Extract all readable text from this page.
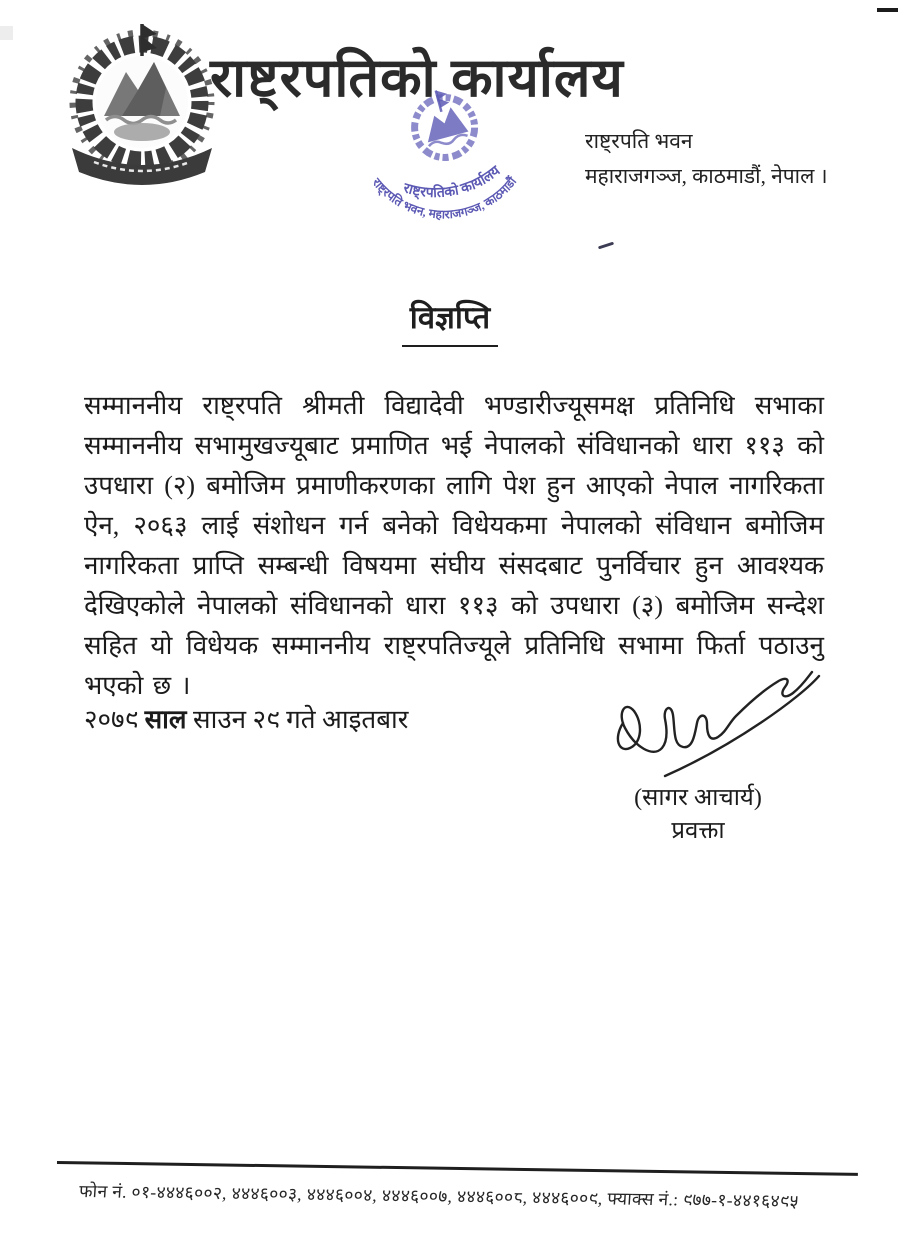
राष्ट्रपतिको कार्यालय
राष्ट्रपतिको कार्यालय
राष्ट्रपति भवन, महाराजगञ्ज, काठमाडौं
राष्ट्रपति भवन
महाराजगञ्ज, काठमाडौं, नेपाल ।
विज्ञप्ति

सम्माननीय राष्ट्रपति श्रीमती विद्यादेवी भण्डारीज्यूसमक्ष प्रतिनिधि सभाका सम्माननीय सभामुखज्यूबाट प्रमाणित भई नेपालको संविधानको धारा ११३ को उपधारा (२) बमोजिम प्रमाणीकरणका लागि पेश हुन आएको नेपाल नागरिकता ऐन, २०६३ लाई संशोधन गर्न बनेको विधेयकमा नेपालको संविधान बमोजिम नागरिकता प्राप्ति सम्बन्धी विषयमा संघीय संसदबाट पुनर्विचार हुन आवश्यक देखिएकोले नेपालको संविधानको धारा ११३ को उपधारा (३) बमोजिम सन्देश सहित यो विधेयक सम्माननीय राष्ट्रपतिज्यूले प्रतिनिधि सभामा फिर्ता पठाउनु भएको छ ।

२०७९ साल साउन २९ गते आइतबार

(सागर आचार्य)

प्रवक्ता

फोन नं. ०१-४४४६००२, ४४४६००३, ४४४६००४, ४४४६००७, ४४४६००८, ४४४६००९, फ्याक्स नं.: ९७७-१-४४१६४९५
